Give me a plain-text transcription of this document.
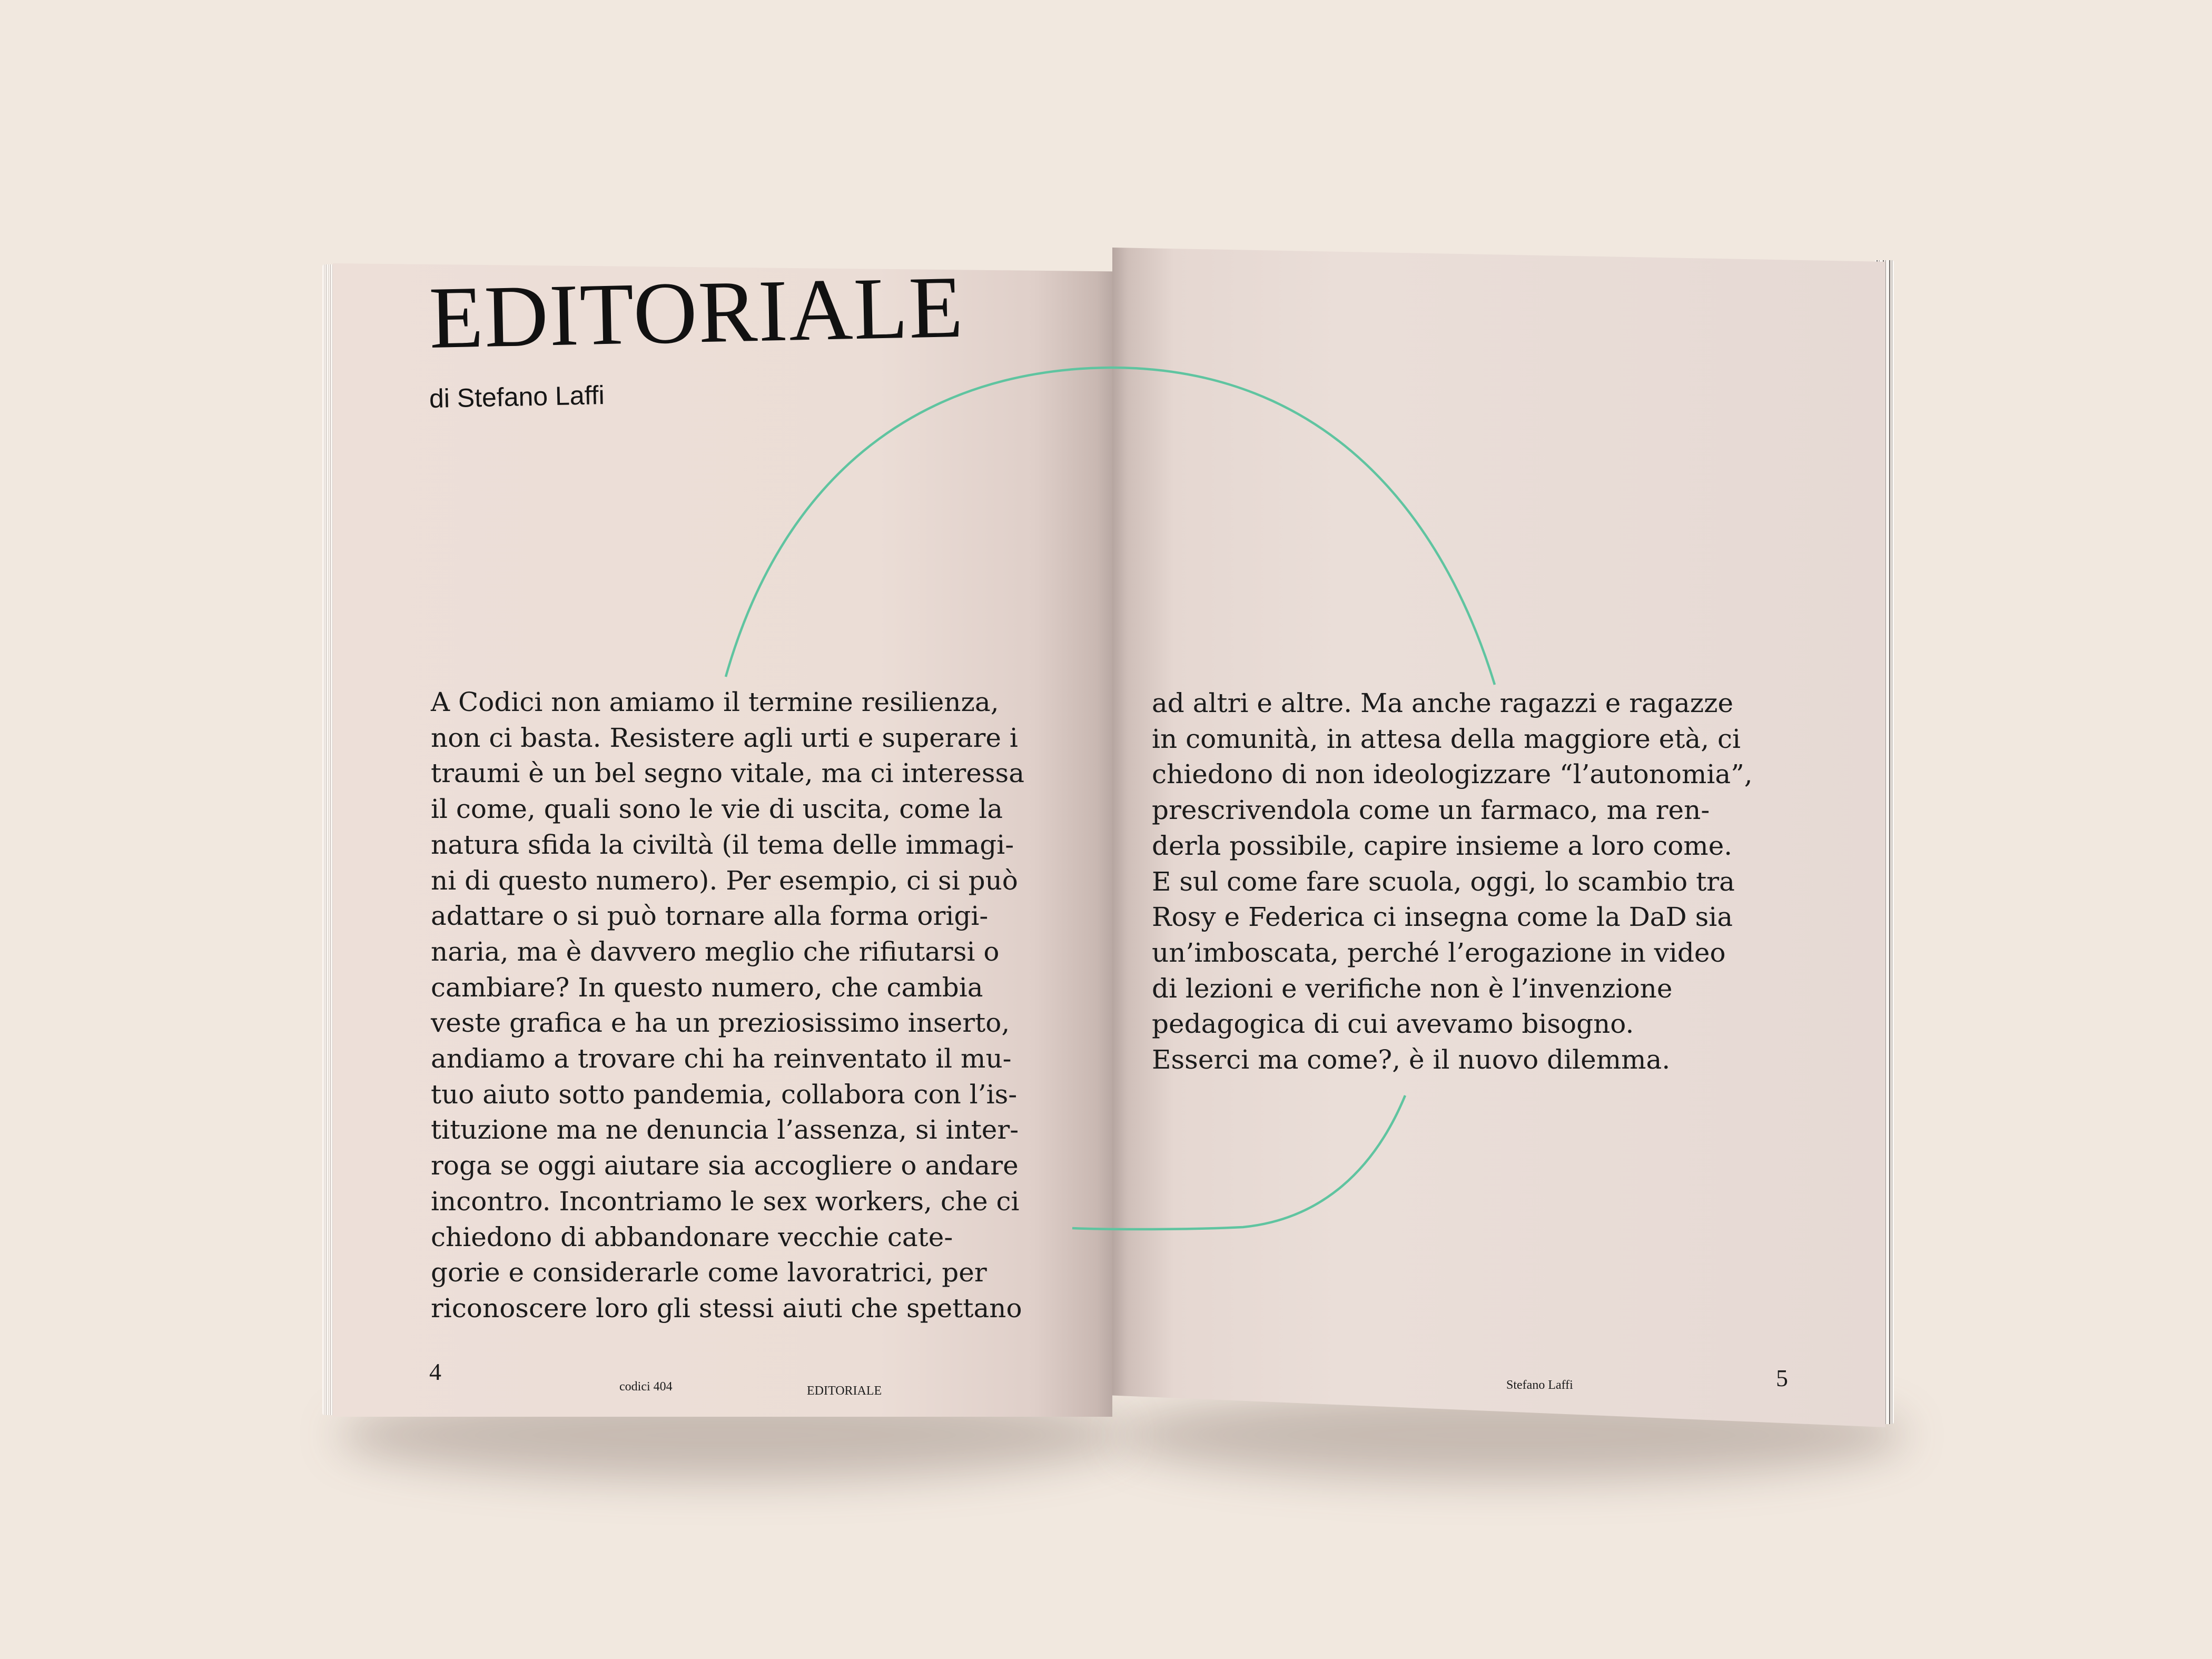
EDITORIALE
di Stefano Laffi
A Codici non amiamo il termine resilienza,
non ci basta. Resistere agli urti e superare i
traumi è un bel segno vitale, ma ci interessa
il come, quali sono le vie di uscita, come la
natura sfida la civiltà (il tema delle immagi-
ni di questo numero). Per esempio, ci si può
adattare o si può tornare alla forma origi-
naria, ma è davvero meglio che rifiutarsi o
cambiare? In questo numero, che cambia
veste grafica e ha un preziosissimo inserto,
andiamo a trovare chi ha reinventato il mu-
tuo aiuto sotto pandemia, collabora con l’is-
tituzione ma ne denuncia l’assenza, si inter-
roga se oggi aiutare sia accogliere o andare
incontro. Incontriamo le sex workers, che ci
chiedono di abbandonare vecchie cate-
gorie e considerarle come lavoratrici, per
riconoscere loro gli stessi aiuti che spettano
ad altri e altre. Ma anche ragazzi e ragazze
in comunità, in attesa della maggiore età, ci
chiedono di non ideologizzare “l’autonomia”,
prescrivendola come un farmaco, ma ren-
derla possibile, capire insieme a loro come.
E sul come fare scuola, oggi, lo scambio tra
Rosy e Federica ci insegna come la DaD sia
un’imboscata, perché l’erogazione in video
di lezioni e verifiche non è l’invenzione
pedagogica di cui avevamo bisogno.
Esserci ma come?, è il nuovo dilemma.
4
codici 404	EDITORIALE	Stefano Laffi	5
